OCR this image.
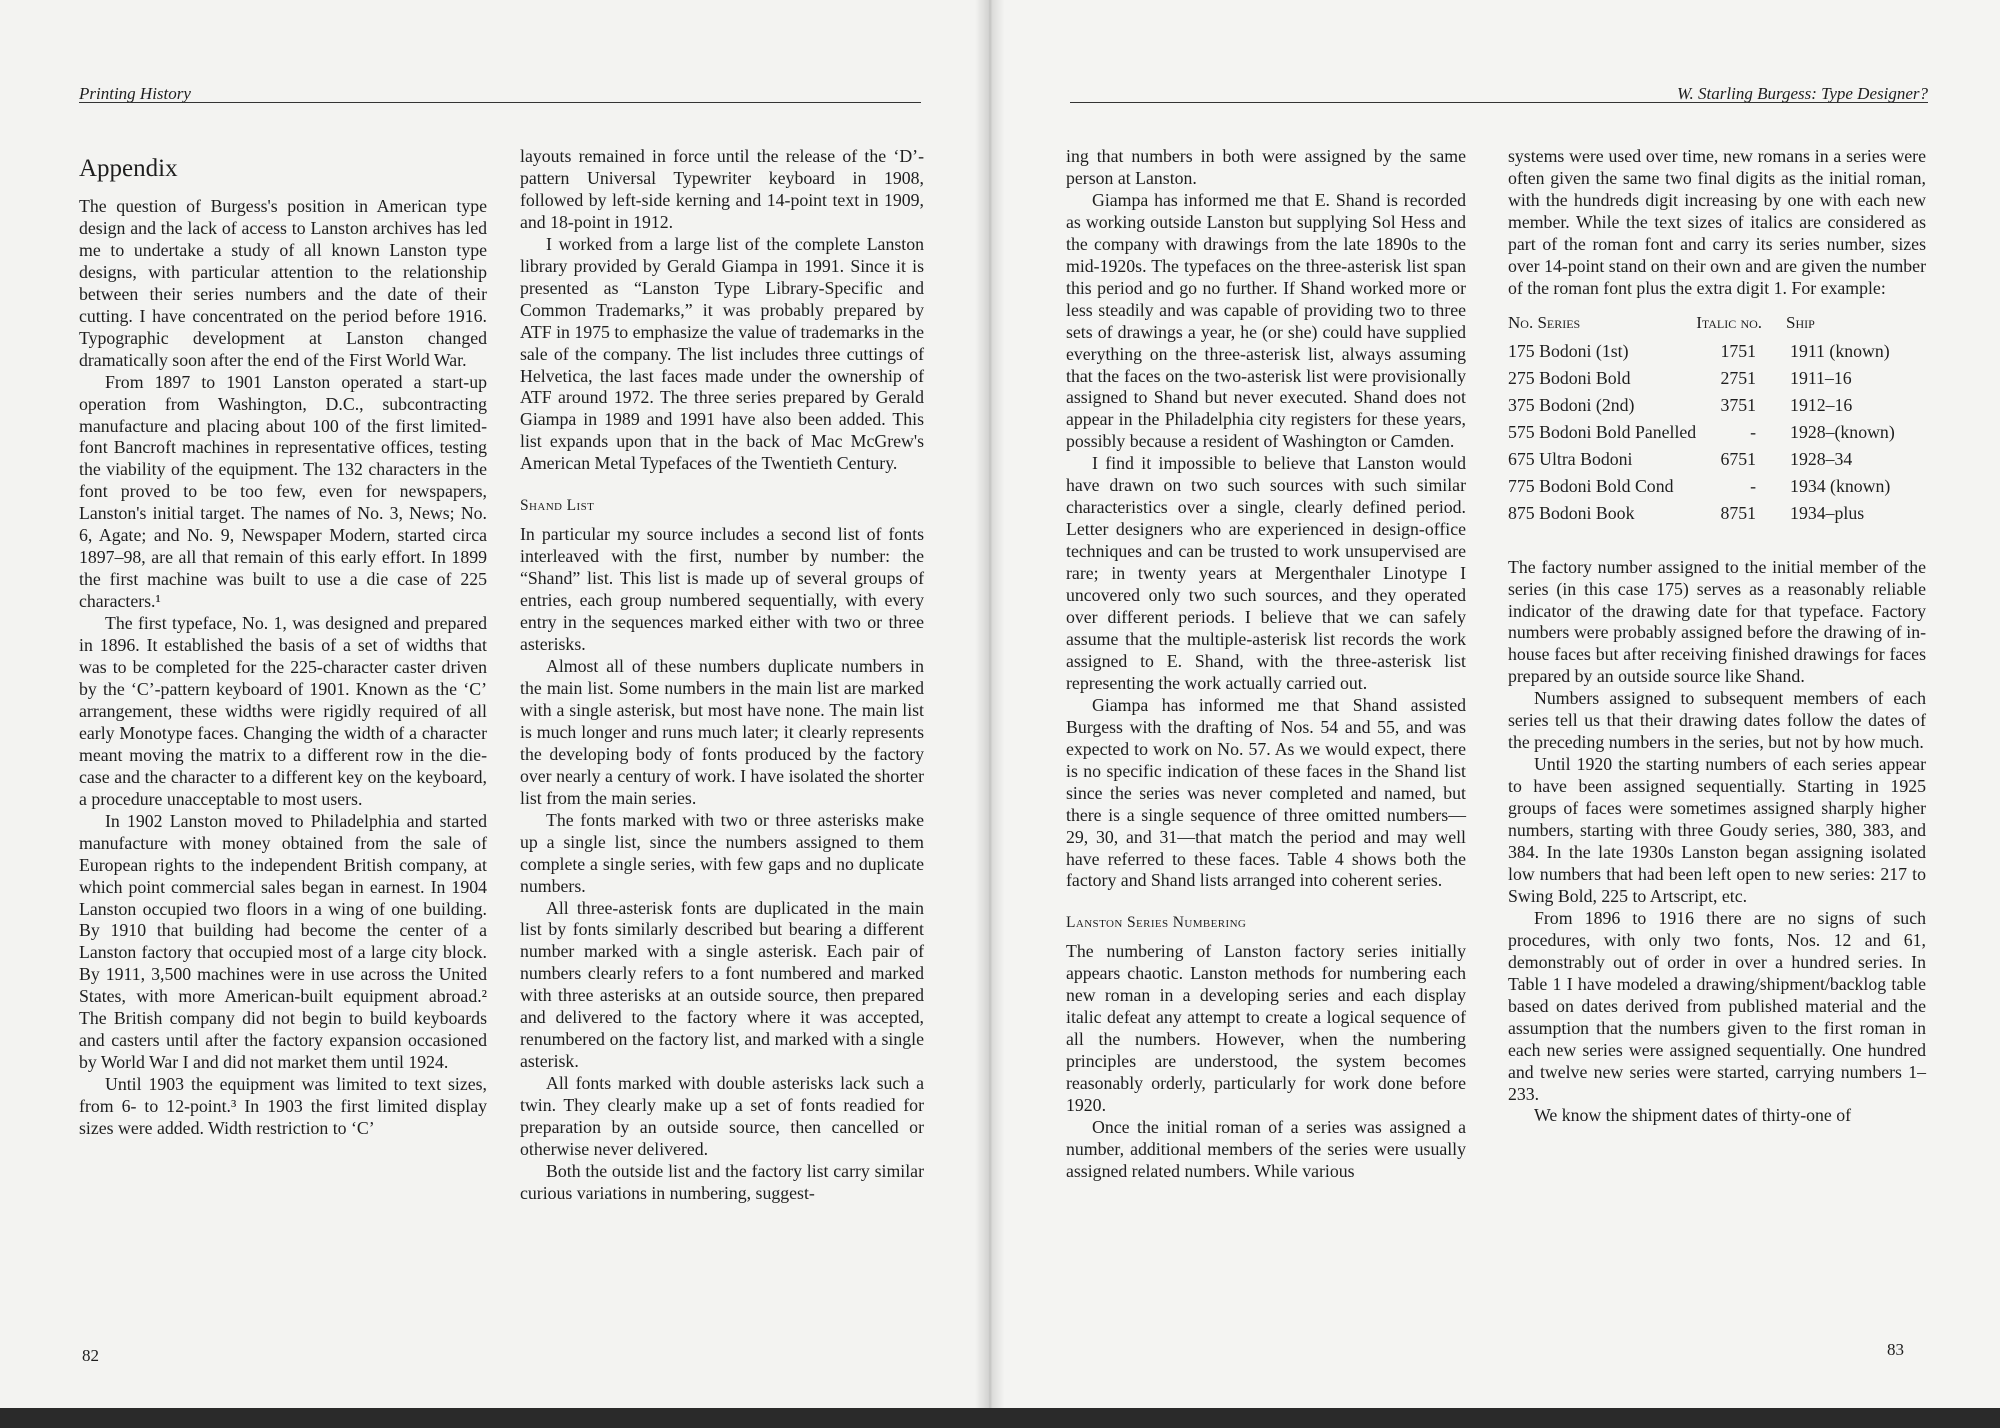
Printing History
Appendix

The question of Burgess's position in American type design and the lack of access to Lanston archives has led me to undertake a study of all known Lanston type designs, with particular attention to the relationship between their series numbers and the date of their cutting. I have concentrated on the period before 1916. Typographic development at Lanston changed dramatically soon after the end of the First World War.

From 1897 to 1901 Lanston operated a start-up operation from Washington, D.C., subcontracting manufacture and placing about 100 of the first limited-font Bancroft machines in representative offices, testing the viability of the equipment. The 132 characters in the font proved to be too few, even for newspapers, Lanston's initial target. The names of No. 3, News; No. 6, Agate; and No. 9, Newspaper Modern, started circa 1897–98, are all that remain of this early effort. In 1899 the first machine was built to use a die case of 225 characters.¹

The first typeface, No. 1, was designed and prepared in 1896. It established the basis of a set of widths that was to be completed for the 225-character caster driven by the ‘C’-pattern keyboard of 1901. Known as the ‘C’ arrangement, these widths were rigidly required of all early Monotype faces. Changing the width of a character meant moving the matrix to a different row in the die-case and the character to a different key on the keyboard, a procedure unacceptable to most users.

In 1902 Lanston moved to Philadelphia and started manufacture with money obtained from the sale of European rights to the independent British company, at which point commercial sales began in earnest. In 1904 Lanston occupied two floors in a wing of one building. By 1910 that building had become the center of a Lanston factory that occupied most of a large city block. By 1911, 3,500 machines were in use across the United States, with more American-built equipment abroad.² The British company did not begin to build keyboards and casters until after the factory expansion occasioned by World War I and did not market them until 1924.

Until 1903 the equipment was limited to text sizes, from 6- to 12-point.³ In 1903 the first limited display sizes were added. Width restriction to ‘C’

layouts remained in force until the release of the ‘D’-pattern Universal Typewriter keyboard in 1908, followed by left-side kerning and 14-point text in 1909, and 18-point in 1912.

I worked from a large list of the complete Lanston library provided by Gerald Giampa in 1991. Since it is presented as “Lanston Type Library-Specific and Common Trademarks,” it was probably prepared by ATF in 1975 to emphasize the value of trademarks in the sale of the company. The list includes three cuttings of Helvetica, the last faces made under the ownership of ATF around 1972. The three series prepared by Gerald Giampa in 1989 and 1991 have also been added. This list expands upon that in the back of Mac McGrew's American Metal Typefaces of the Twentieth Century.

Shand List

In particular my source includes a second list of fonts interleaved with the first, number by number: the “Shand” list. This list is made up of several groups of entries, each group numbered sequentially, with every entry in the sequences marked either with two or three asterisks.

Almost all of these numbers duplicate numbers in the main list. Some numbers in the main list are marked with a single asterisk, but most have none. The main list is much longer and runs much later; it clearly represents the developing body of fonts produced by the factory over nearly a century of work. I have isolated the shorter list from the main series.

The fonts marked with two or three asterisks make up a single list, since the numbers assigned to them complete a single series, with few gaps and no duplicate numbers.

All three-asterisk fonts are duplicated in the main list by fonts similarly described but bearing a different number marked with a single asterisk. Each pair of numbers clearly refers to a font numbered and marked with three asterisks at an outside source, then prepared and delivered to the factory where it was accepted, renumbered on the factory list, and marked with a single asterisk.

All fonts marked with double asterisks lack such a twin. They clearly make up a set of fonts readied for preparation by an outside source, then cancelled or otherwise never delivered.

Both the outside list and the factory list carry similar curious variations in numbering, suggest-

82
W. Starling Burgess: Type Designer?

ing that numbers in both were assigned by the same person at Lanston.

Giampa has informed me that E. Shand is recorded as working outside Lanston but supplying Sol Hess and the company with drawings from the late 1890s to the mid-1920s. The typefaces on the three-asterisk list span this period and go no further. If Shand worked more or less steadily and was capable of providing two to three sets of drawings a year, he (or she) could have supplied everything on the three-asterisk list, always assuming that the faces on the two-asterisk list were provisionally assigned to Shand but never executed. Shand does not appear in the Philadelphia city registers for these years, possibly because a resident of Washington or Camden.

I find it impossible to believe that Lanston would have drawn on two such sources with such similar characteristics over a single, clearly defined period. Letter designers who are experienced in design-office techniques and can be trusted to work unsupervised are rare; in twenty years at Mergenthaler Linotype I uncovered only two such sources, and they operated over different periods. I believe that we can safely assume that the multiple-asterisk list records the work assigned to E. Shand, with the three-asterisk list representing the work actually carried out.

Giampa has informed me that Shand assisted Burgess with the drafting of Nos. 54 and 55, and was expected to work on No. 57. As we would expect, there is no specific indication of these faces in the Shand list since the series was never completed and named, but there is a single sequence of three omitted numbers—29, 30, and 31—that match the period and may well have referred to these faces. Table 4 shows both the factory and Shand lists arranged into coherent series.

Lanston Series Numbering

The numbering of Lanston factory series initially appears chaotic. Lanston methods for numbering each new roman in a developing series and each display italic defeat any attempt to create a logical sequence of all the numbers. However, when the numbering principles are understood, the system becomes reasonably orderly, particularly for work done before 1920.

Once the initial roman of a series was assigned a number, additional members of the series were usually assigned related numbers. While various

systems were used over time, new romans in a series were often given the same two final digits as the initial roman, with the hundreds digit increasing by one with each new member. While the text sizes of italics are considered as part of the roman font and carry its series number, sizes over 14-point stand on their own and are given the number of the roman font plus the extra digit 1. For example:

No. Series	Italic no.	Ship
175 Bodoni (1st)	1751	1911 (known)
275 Bodoni Bold	2751	1911–16
375 Bodoni (2nd)	3751	1912–16
575 Bodoni Bold Panelled	-	1928–(known)
675 Ultra Bodoni	6751	1928–34
775 Bodoni Bold Cond	-	1934 (known)
875 Bodoni Book	8751	1934–plus

The factory number assigned to the initial member of the series (in this case 175) serves as a reasonably reliable indicator of the drawing date for that typeface. Factory numbers were probably assigned before the drawing of in-house faces but after receiving finished drawings for faces prepared by an outside source like Shand.

Numbers assigned to subsequent members of each series tell us that their drawing dates follow the dates of the preceding numbers in the series, but not by how much.

Until 1920 the starting numbers of each series appear to have been assigned sequentially. Starting in 1925 groups of faces were sometimes assigned sharply higher numbers, starting with three Goudy series, 380, 383, and 384. In the late 1930s Lanston began assigning isolated low numbers that had been left open to new series: 217 to Swing Bold, 225 to Artscript, etc.

From 1896 to 1916 there are no signs of such procedures, with only two fonts, Nos. 12 and 61, demonstrably out of order in over a hundred series. In Table 1 I have modeled a drawing/shipment/backlog table based on dates derived from published material and the assumption that the numbers given to the first roman in each new series were assigned sequentially. One hundred and twelve new series were started, carrying numbers 1–233.

We know the shipment dates of thirty-one of

83
